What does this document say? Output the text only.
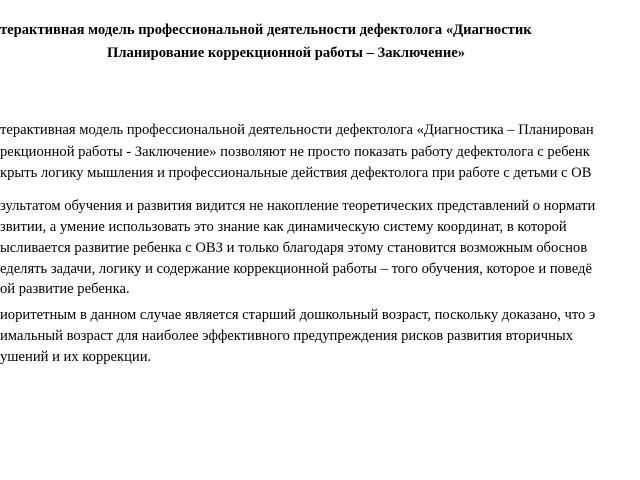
терактивная модель профессиональной деятельности дефектолога «Диагностик
Планирование коррекционной работы – Заключение»
терактивная модель профессиональной деятельности дефектолога «Диагностика – Планирован
рекционной работы - Заключение» позволяют не просто показать работу дефектолога с ребенк
крыть логику мышления и профессиональные действия дефектолога при работе с детьми с ОВ
зультатом обучения и развития видится не накопление теоретических представлений о нормати
звитии, а умение использовать это знание как динамическую систему координат, в которой
ысливается развитие ребенка с ОВЗ и только благодаря этому становится возможным обоснов
еделять задачи, логику и содержание коррекционной работы – того обучения, которое и поведё
ой развитие ребенка.
иоритетным в данном случае является старший дошкольный возраст, поскольку доказано, что э
имальный возраст для наиболее эффективного предупреждения рисков развития вторичных
ушений и их коррекции.
